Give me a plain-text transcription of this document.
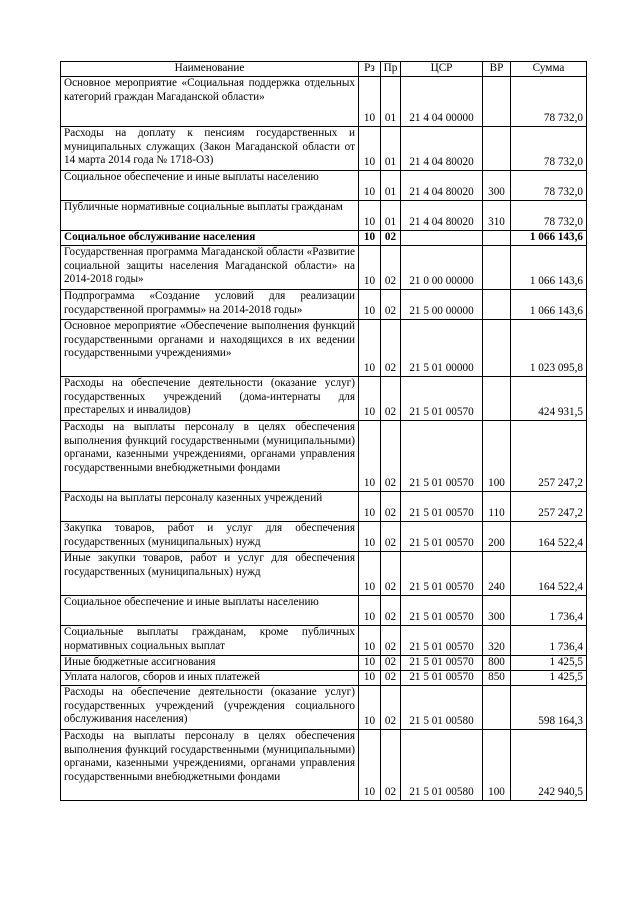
Наименование	Рз	Пр	ЦСР	ВР	Сумма
Основное мероприятие «Социальная поддержка отдельных категорий граждан Магаданской области»	10	01	21 4 04 00000		78 732,0
Расходы на доплату к пенсиям государственных и муниципальных служащих (Закон Магаданской области от 14 марта 2014 года № 1718-ОЗ)	10	01	21 4 04 80020		78 732,0
Социальное обеспечение и иные выплаты населению	10	01	21 4 04 80020	300	78 732,0
Публичные нормативные социальные выплаты гражданам	10	01	21 4 04 80020	310	78 732,0
Социальное обслуживание населения	10	02			1 066 143,6
Государственная программа Магаданской области «Развитие социальной защиты населения Магаданской области» на 2014-2018 годы»	10	02	21 0 00 00000		1 066 143,6
Подпрограмма «Создание условий для реализации государственной программы» на 2014-2018 годы»	10	02	21 5 00 00000		1 066 143,6
Основное мероприятие «Обеспечение выполнения функций государственными органами и находящихся в их ведении государственными учреждениями»	10	02	21 5 01 00000		1 023 095,8
Расходы на обеспечение деятельности (оказание услуг) государственных учреждений (дома-интернаты для престарелых и инвалидов)	10	02	21 5 01 00570		424 931,5
Расходы на выплаты персоналу в целях обеспечения выполнения функций государственными (муниципальными) органами, казенными учреждениями, органами управления государственными внебюджетными фондами	10	02	21 5 01 00570	100	257 247,2
Расходы на выплаты персоналу казенных учреждений	10	02	21 5 01 00570	110	257 247,2
Закупка товаров, работ и услуг для обеспечения государственных (муниципальных) нужд	10	02	21 5 01 00570	200	164 522,4
Иные закупки товаров, работ и услуг для обеспечения государственных (муниципальных) нужд	10	02	21 5 01 00570	240	164 522,4
Социальное обеспечение и иные выплаты населению	10	02	21 5 01 00570	300	1 736,4
Социальные выплаты гражданам, кроме публичных нормативных социальных выплат	10	02	21 5 01 00570	320	1 736,4
Иные бюджетные ассигнования	10	02	21 5 01 00570	800	1 425,5
Уплата налогов, сборов и иных платежей	10	02	21 5 01 00570	850	1 425,5
Расходы на обеспечение деятельности (оказание услуг) государственных учреждений (учреждения социального обслуживания населения)	10	02	21 5 01 00580		598 164,3
Расходы на выплаты персоналу в целях обеспечения выполнения функций государственными (муниципальными) органами, казенными учреждениями, органами управления государственными внебюджетными фондами	10	02	21 5 01 00580	100	242 940,5
